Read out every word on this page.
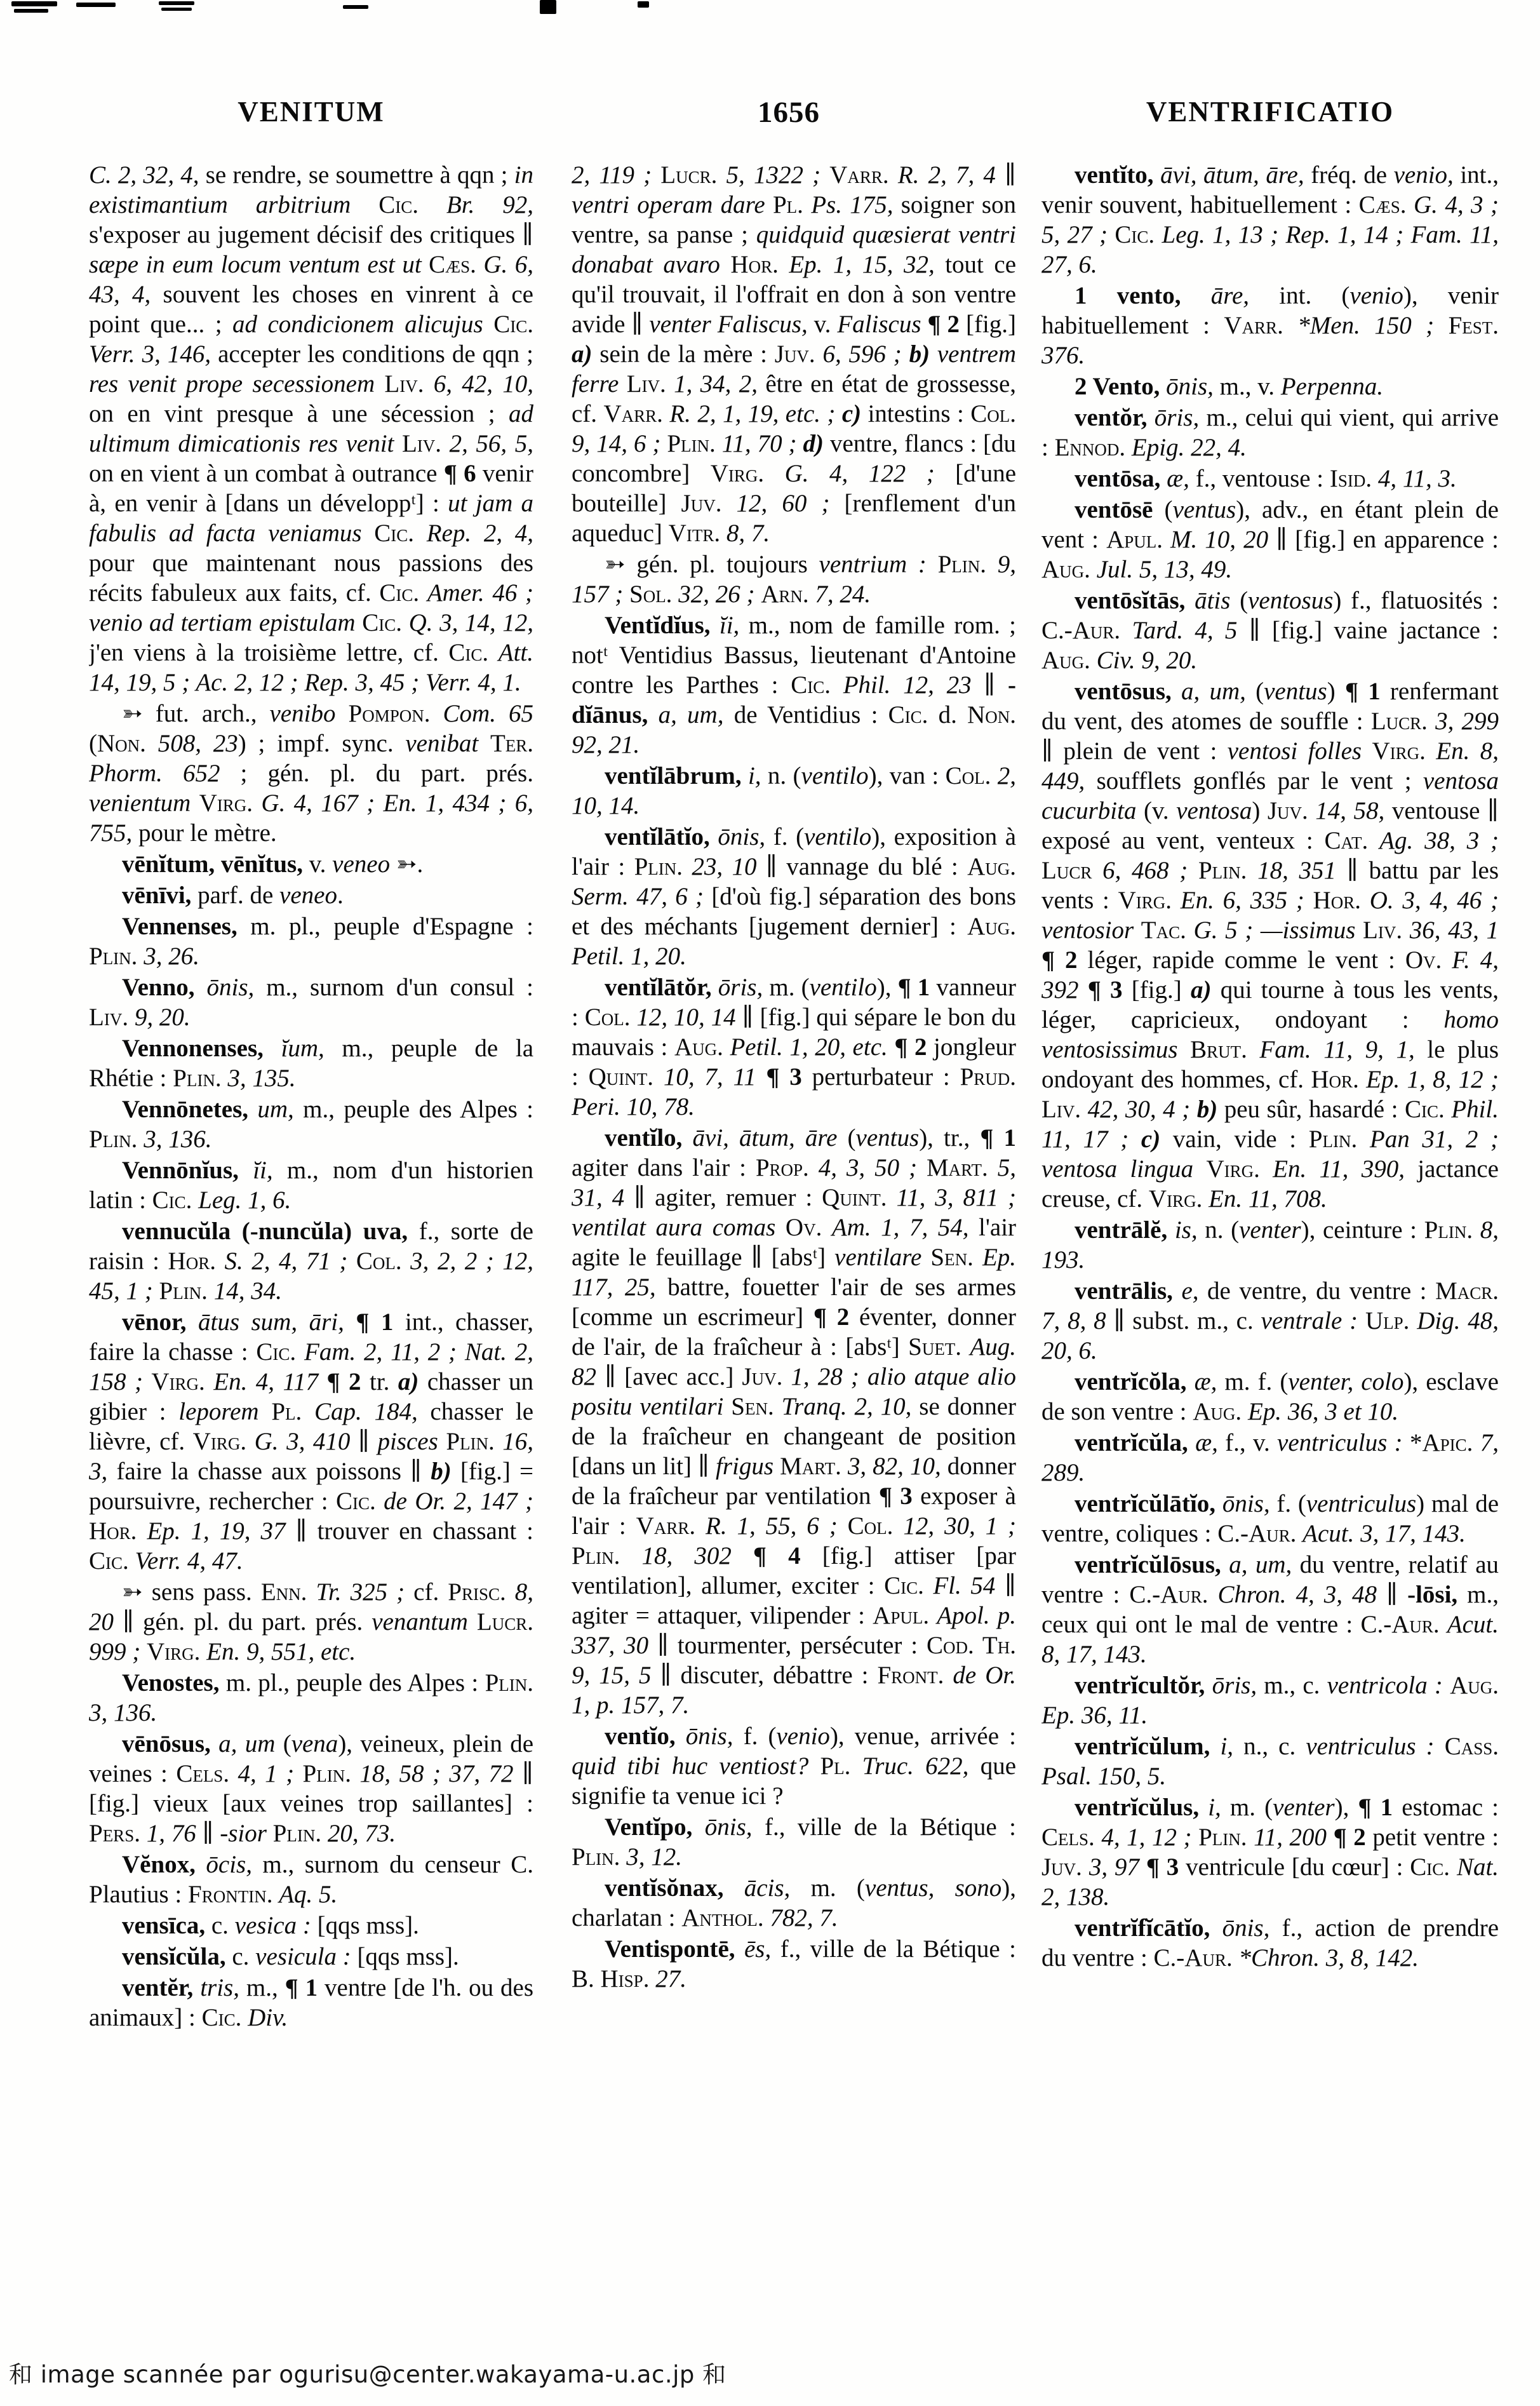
VENITUM	1656	VENTRIFICATIO

C. 2, 32, 4, se rendre, se soumettre à qqn ; in existimantium arbitrium Cic. Br. 92, s'exposer au jugement décisif des critiques ∥ sæpe in eum locum ventum est ut Cæs. G. 6, 43, 4, souvent les choses en vinrent à ce point que... ; ad condicionem alicujus Cic. Verr. 3, 146, accepter les conditions de qqn ; res venit prope secessionem Liv. 6, 42, 10, on en vint presque à une sécession ; ad ultimum dimicationis res venit Liv. 2, 56, 5, on en vient à un combat à outrance ¶ 6 venir à, en venir à [dans un développᵗ] : ut jam a fabulis ad facta veniamus Cic. Rep. 2, 4, pour que maintenant nous passions des récits fabuleux aux faits, cf. Cic. Amer. 46 ; venio ad tertiam epistulam Cic. Q. 3, 14, 12, j'en viens à la troisième lettre, cf. Cic. Att. 14, 19, 5 ; Ac. 2, 12 ; Rep. 3, 45 ; Verr. 4, 1.

➳ fut. arch., venibo Pompon. Com. 65 (Non. 508, 23) ; impf. sync. venibat Ter. Phorm. 652 ; gén. pl. du part. prés. venientum Virg. G. 4, 167 ; En. 1, 434 ; 6, 755, pour le mètre.

vēnĭtum, vēnĭtus, v. veneo ➳.

vēnīvi, parf. de veneo.

Vennenses, m. pl., peuple d'Espagne : Plin. 3, 26.

Venno, ōnis, m., surnom d'un consul : Liv. 9, 20.

Vennonenses, ĭum, m., peuple de la Rhétie : Plin. 3, 135.

Vennōnetes, um, m., peuple des Alpes : Plin. 3, 136.

Vennōnĭus, ĭi, m., nom d'un historien latin : Cic. Leg. 1, 6.

vennucŭla (-nuncŭla) uva, f., sorte de raisin : Hor. S. 2, 4, 71 ; Col. 3, 2, 2 ; 12, 45, 1 ; Plin. 14, 34.

vēnor, ātus sum, āri, ¶ 1 int., chasser, faire la chasse : Cic. Fam. 2, 11, 2 ; Nat. 2, 158 ; Virg. En. 4, 117 ¶ 2 tr. a) chasser un gibier : leporem Pl. Cap. 184, chasser le lièvre, cf. Virg. G. 3, 410 ∥ pisces Plin. 16, 3, faire la chasse aux poissons ∥ b) [fig.] = poursuivre, rechercher : Cic. de Or. 2, 147 ; Hor. Ep. 1, 19, 37 ∥ trouver en chassant : Cic. Verr. 4, 47.

➳ sens pass. Enn. Tr. 325 ; cf. Prisc. 8, 20 ∥ gén. pl. du part. prés. venantum Lucr. 999 ; Virg. En. 9, 551, etc.

Venostes, m. pl., peuple des Alpes : Plin. 3, 136.

vēnōsus, a, um (vena), veineux, plein de veines : Cels. 4, 1 ; Plin. 18, 58 ; 37, 72 ∥ [fig.] vieux [aux veines trop saillantes] : Pers. 1, 76 ∥ -sior Plin. 20, 73.

Vĕnox, ōcis, m., surnom du censeur C. Plautius : Frontin. Aq. 5.

vensīca, c. vesica : [qqs mss].

vensĭcŭla, c. vesicula : [qqs mss].

ventĕr, tris, m., ¶ 1 ventre [de l'h. ou des animaux] : Cic. Div.

2, 119 ; Lucr. 5, 1322 ; Varr. R. 2, 7, 4 ∥ ventri operam dare Pl. Ps. 175, soigner son ventre, sa panse ; quidquid quæsierat ventri donabat avaro Hor. Ep. 1, 15, 32, tout ce qu'il trouvait, il l'offrait en don à son ventre avide ∥ venter Faliscus, v. Faliscus ¶ 2 [fig.] a) sein de la mère : Juv. 6, 596 ; b) ventrem ferre Liv. 1, 34, 2, être en état de grossesse, cf. Varr. R. 2, 1, 19, etc. ; c) intestins : Col. 9, 14, 6 ; Plin. 11, 70 ; d) ventre, flancs : [du concombre] Virg. G. 4, 122 ; [d'une bouteille] Juv. 12, 60 ; [renflement d'un aqueduc] Vitr. 8, 7.

➳ gén. pl. toujours ventrium : Plin. 9, 157 ; Sol. 32, 26 ; Arn. 7, 24.

Ventĭdĭus, ĭi, m., nom de famille rom. ; notᵗ Ventidius Bassus, lieutenant d'Antoine contre les Parthes : Cic. Phil. 12, 23 ∥ -dĭānus, a, um, de Ventidius : Cic. d. Non. 92, 21.

ventĭlābrum, i, n. (ventilo), van : Col. 2, 10, 14.

ventĭlātĭo, ōnis, f. (ventilo), exposition à l'air : Plin. 23, 10 ∥ vannage du blé : Aug. Serm. 47, 6 ; [d'où fig.] séparation des bons et des méchants [jugement dernier] : Aug. Petil. 1, 20.

ventĭlātŏr, ōris, m. (ventilo), ¶ 1 vanneur : Col. 12, 10, 14 ∥ [fig.] qui sépare le bon du mauvais : Aug. Petil. 1, 20, etc. ¶ 2 jongleur : Quint. 10, 7, 11 ¶ 3 perturbateur : Prud. Peri. 10, 78.

ventĭlo, āvi, ātum, āre (ventus), tr., ¶ 1 agiter dans l'air : Prop. 4, 3, 50 ; Mart. 5, 31, 4 ∥ agiter, remuer : Quint. 11, 3, 811 ; ventilat aura comas Ov. Am. 1, 7, 54, l'air agite le feuillage ∥ [absᵗ] ventilare Sen. Ep. 117, 25, battre, fouetter l'air de ses armes [comme un escrimeur] ¶ 2 éventer, donner de l'air, de la fraîcheur à : [absᵗ] Suet. Aug. 82 ∥ [avec acc.] Juv. 1, 28 ; alio atque alio positu ventilari Sen. Tranq. 2, 10, se donner de la fraîcheur en changeant de position [dans un lit] ∥ frigus Mart. 3, 82, 10, donner de la fraîcheur par ventilation ¶ 3 exposer à l'air : Varr. R. 1, 55, 6 ; Col. 12, 30, 1 ; Plin. 18, 302 ¶ 4 [fig.] attiser [par ventilation], allumer, exciter : Cic. Fl. 54 ∥ agiter = attaquer, vilipender : Apul. Apol. p. 337, 30 ∥ tourmenter, persécuter : Cod. Th. 9, 15, 5 ∥ discuter, débattre : Front. de Or. 1, p. 157, 7.

ventĭo, ōnis, f. (venio), venue, arrivée : quid tibi huc ventiost? Pl. Truc. 622, que signifie ta venue ici ?

Ventĭpo, ōnis, f., ville de la Bétique : Plin. 3, 12.

ventĭsŏnax, ācis, m. (ventus, sono), charlatan : Anthol. 782, 7.

Ventispontē, ēs, f., ville de la Bétique : B. Hisp. 27.

ventĭto, āvi, ātum, āre, fréq. de venio, int., venir souvent, habituellement : Cæs. G. 4, 3 ; 5, 27 ; Cic. Leg. 1, 13 ; Rep. 1, 14 ; Fam. 11, 27, 6.

1 vento, āre, int. (venio), venir habituellement : Varr. *Men. 150 ; Fest. 376.

2 Vento, ōnis, m., v. Perpenna.

ventŏr, ōris, m., celui qui vient, qui arrive : Ennod. Epig. 22, 4.

ventōsa, æ, f., ventouse : Isid. 4, 11, 3.

ventōsē (ventus), adv., en étant plein de vent : Apul. M. 10, 20 ∥ [fig.] en apparence : Aug. Jul. 5, 13, 49.

ventōsĭtās, ātis (ventosus) f., flatuosités : C.-Aur. Tard. 4, 5 ∥ [fig.] vaine jactance : Aug. Civ. 9, 20.

ventōsus, a, um, (ventus) ¶ 1 renfermant du vent, des atomes de souffle : Lucr. 3, 299 ∥ plein de vent : ventosi folles Virg. En. 8, 449, soufflets gonflés par le vent ; ventosa cucurbita (v. ventosa) Juv. 14, 58, ventouse ∥ exposé au vent, venteux : Cat. Ag. 38, 3 ; Lucr 6, 468 ; Plin. 18, 351 ∥ battu par les vents : Virg. En. 6, 335 ; Hor. O. 3, 4, 46 ; ventosior Tac. G. 5 ; —issimus Liv. 36, 43, 1 ¶ 2 léger, rapide comme le vent : Ov. F. 4, 392 ¶ 3 [fig.] a) qui tourne à tous les vents, léger, capricieux, ondoyant : homo ventosissimus Brut. Fam. 11, 9, 1, le plus ondoyant des hommes, cf. Hor. Ep. 1, 8, 12 ; Liv. 42, 30, 4 ; b) peu sûr, hasardé : Cic. Phil. 11, 17 ; c) vain, vide : Plin. Pan 31, 2 ; ventosa lingua Virg. En. 11, 390, jactance creuse, cf. Virg. En. 11, 708.

ventrālĕ, is, n. (venter), ceinture : Plin. 8, 193.

ventrālis, e, de ventre, du ventre : Macr. 7, 8, 8 ∥ subst. m., c. ventrale : Ulp. Dig. 48, 20, 6.

ventrĭcŏla, æ, m. f. (venter, colo), esclave de son ventre : Aug. Ep. 36, 3 et 10.

ventrĭcŭla, æ, f., v. ventriculus : *Apic. 7, 289.

ventrĭcŭlātĭo, ōnis, f. (ventriculus) mal de ventre, coliques : C.-Aur. Acut. 3, 17, 143.

ventrĭcŭlōsus, a, um, du ventre, relatif au ventre : C.-Aur. Chron. 4, 3, 48 ∥ -lōsi, m., ceux qui ont le mal de ventre : C.-Aur. Acut. 8, 17, 143.

ventrĭcultŏr, ōris, m., c. ventricola : Aug. Ep. 36, 11.

ventrĭcŭlum, i, n., c. ventriculus : Cass. Psal. 150, 5.

ventrĭcŭlus, i, m. (venter), ¶ 1 estomac : Cels. 4, 1, 12 ; Plin. 11, 200 ¶ 2 petit ventre : Juv. 3, 97 ¶ 3 ventricule [du cœur] : Cic. Nat. 2, 138.

ventrĭfĭcātĭo, ōnis, f., action de prendre du ventre : C.-Aur. *Chron. 3, 8, 142.

和 image scannée par ogurisu@center.wakayama-u.ac.jp 和
